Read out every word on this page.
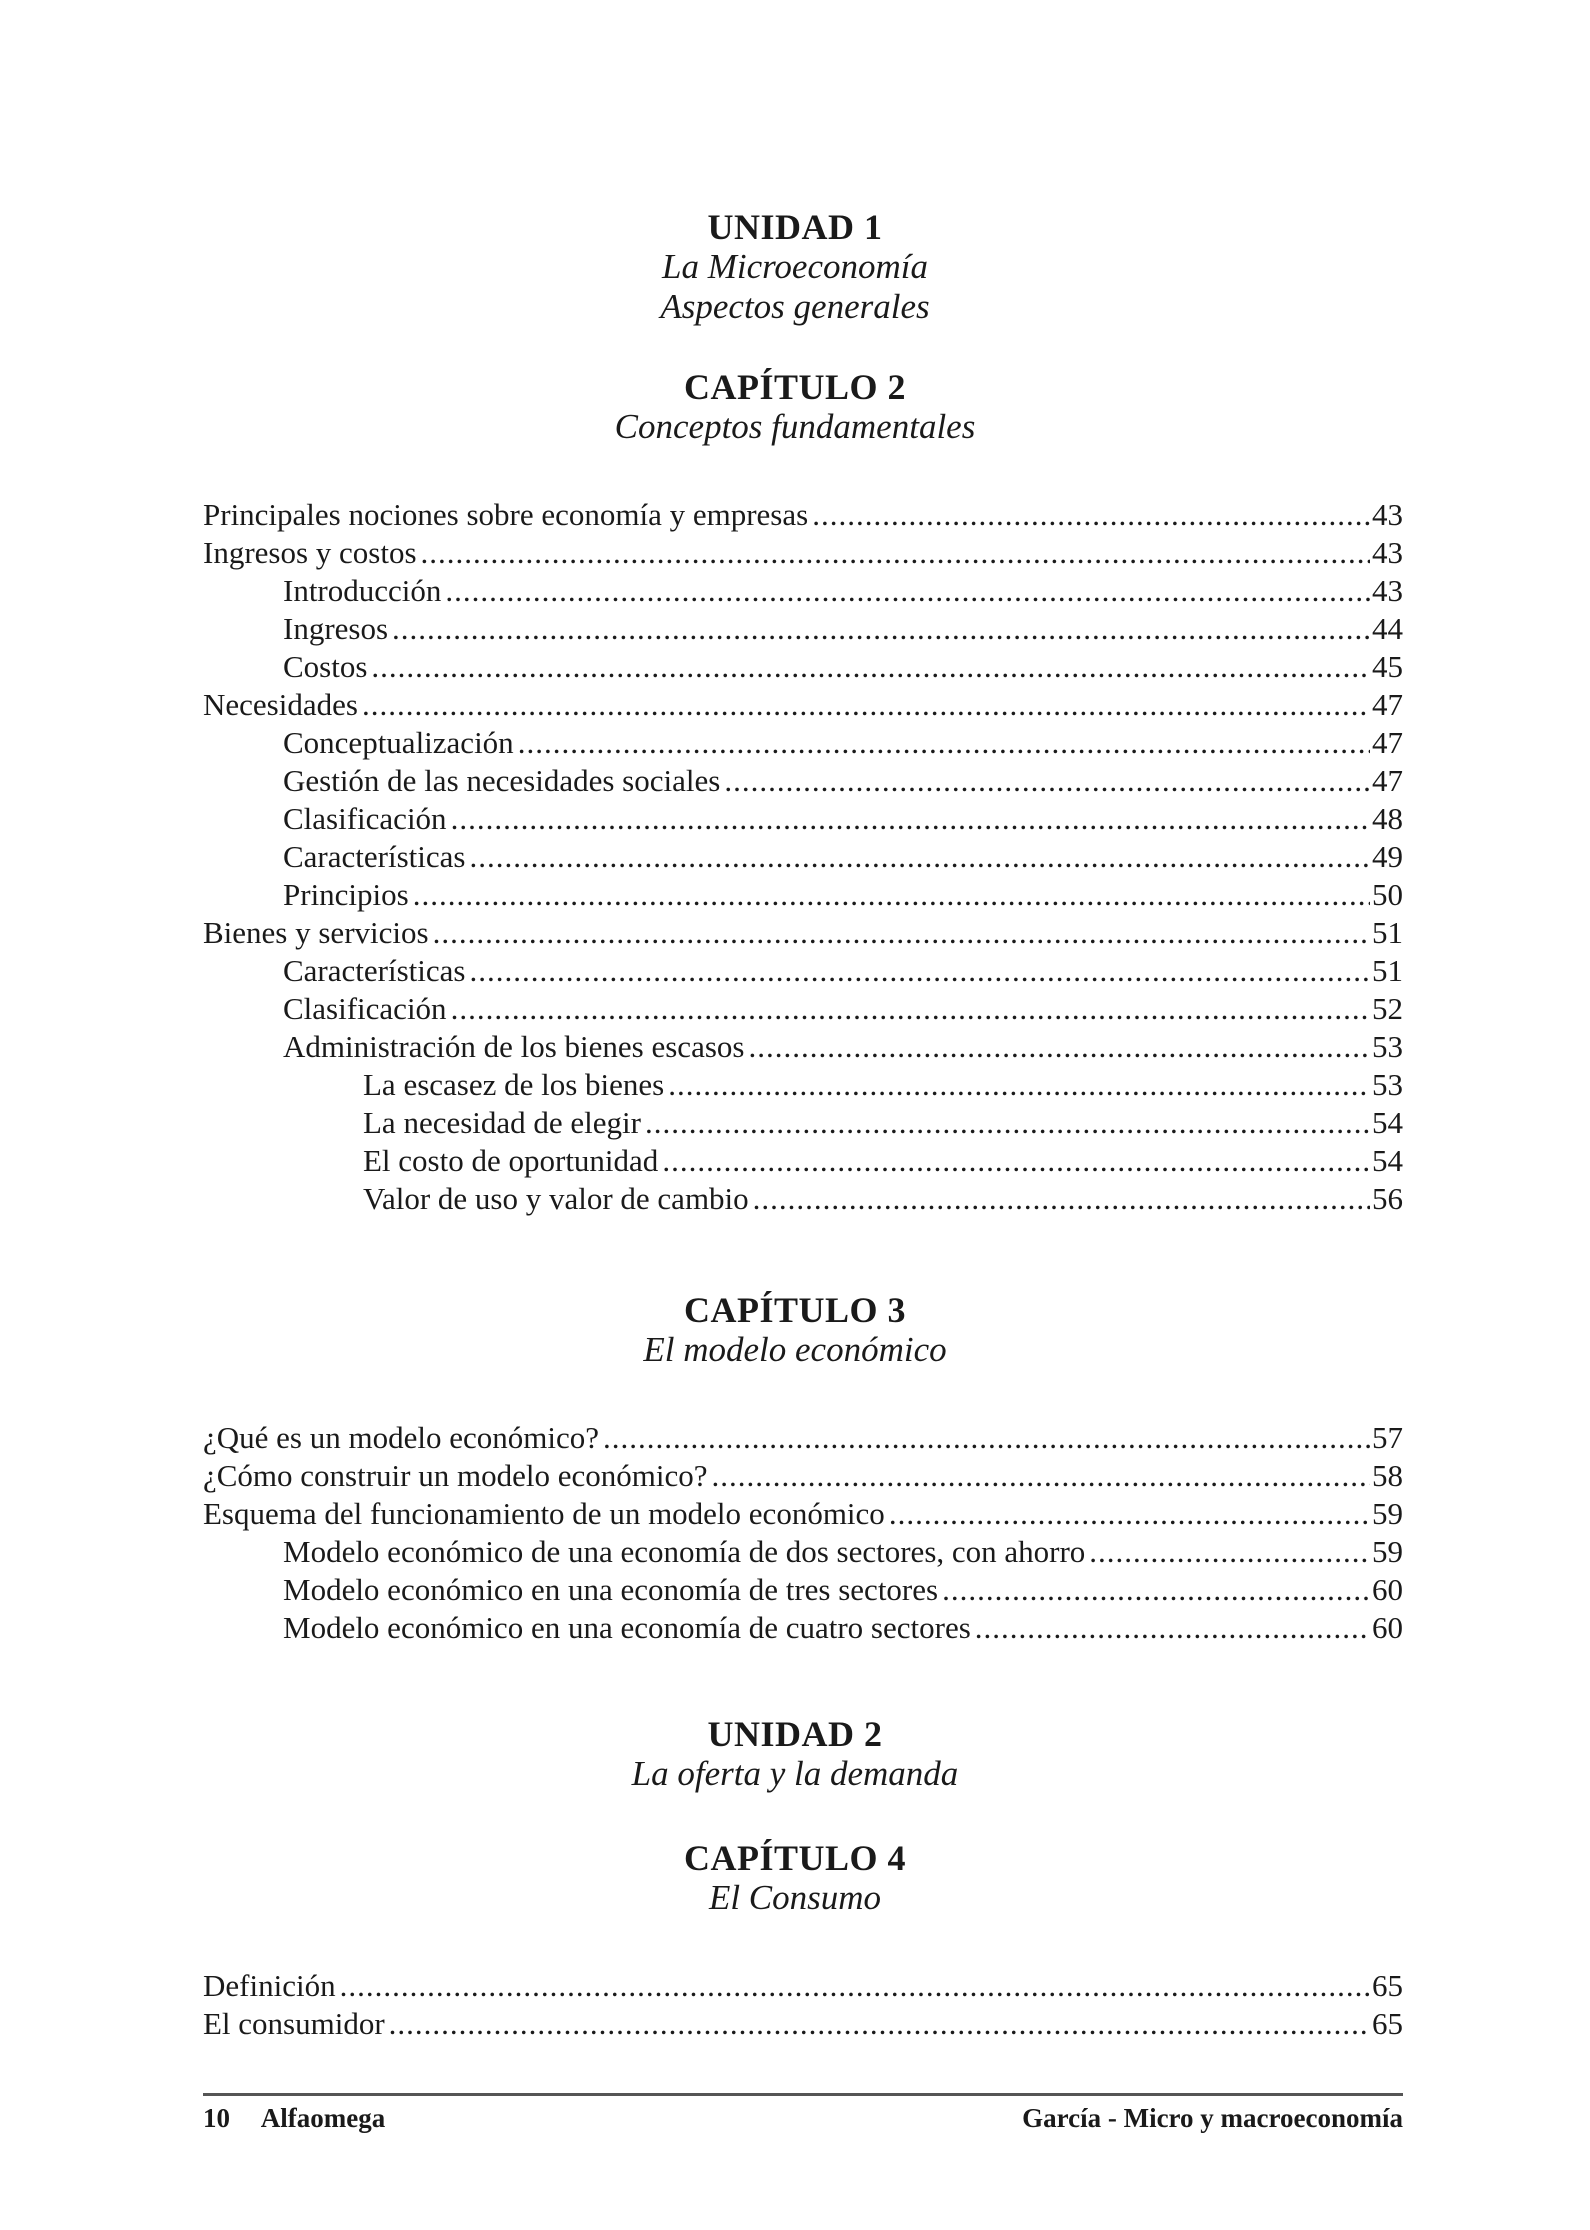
UNIDAD 1
La Microeconomía
Aspectos generales
CAPÍTULO 2
Conceptos fundamentales
Principales nociones sobre economía y empresas .....	43
Ingresos y costos .....	43
Introducción .....	43
Ingresos .....	44
Costos .....	45
Necesidades .....	47
Conceptualización .....	47
Gestión de las necesidades sociales .....	47
Clasificación .....	48
Características .....	49
Principios .....	50
Bienes y servicios .....	51
Características .....	51
Clasificación .....	52
Administración de los bienes escasos .....	53
La escasez de los bienes .....	53
La necesidad de elegir .....	54
El costo de oportunidad .....	54
Valor de uso y valor de cambio .....	56
CAPÍTULO 3
El modelo económico
¿Qué es un modelo económico? .....	57
¿Cómo construir un modelo económico? .....	58
Esquema del funcionamiento de un modelo económico .....	59
Modelo económico de una economía de dos sectores, con ahorro .....	59
Modelo económico en una economía de tres sectores .....	60
Modelo económico en una economía de cuatro sectores .....	60
UNIDAD 2
La oferta y la demanda
CAPÍTULO 4
El Consumo
Definición .....	65
El consumidor .....	65
10 Alfaomega	García - Micro y macroeconomía
